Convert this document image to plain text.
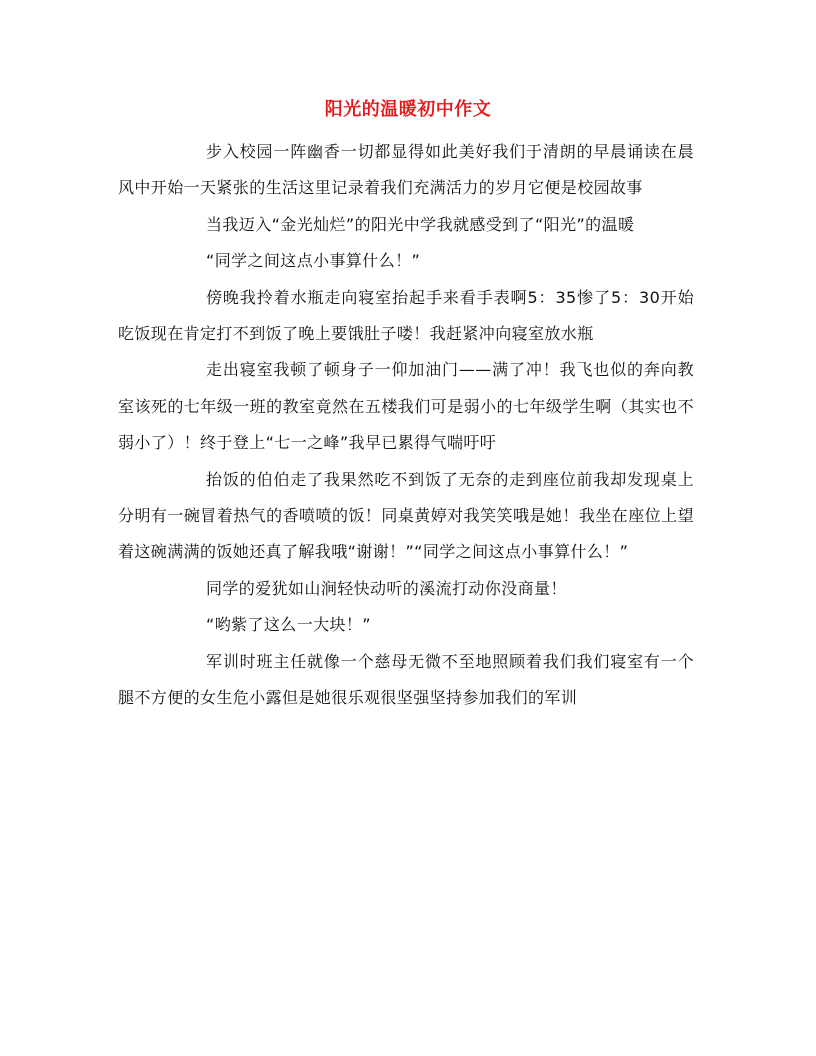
阳光的温暖初中作文

步入校园一阵幽香一切都显得如此美好我们于清朗的早晨诵读在晨风中开始一天紧张的生活这里记录着我们充满活力的岁月它便是校园故事

当我迈入“金光灿烂”的阳光中学我就感受到了“阳光”的温暖

“同学之间这点小事算什么！”

傍晚我拎着水瓶走向寝室抬起手来看手表啊5：35惨了5：30开始吃饭现在肯定打不到饭了晚上要饿肚子喽！我赶紧冲向寝室放水瓶

走出寝室我顿了顿身子一仰加油门——满了冲！我飞也似的奔向教室该死的七年级一班的教室竟然在五楼我们可是弱小的七年级学生啊（其实也不弱小了）！终于登上“七一之峰”我早已累得气喘吁吁

抬饭的伯伯走了我果然吃不到饭了无奈的走到座位前我却发现桌上分明有一碗冒着热气的香喷喷的饭！同桌黄婷对我笑笑哦是她！我坐在座位上望着这碗满满的饭她还真了解我哦“谢谢！”“同学之间这点小事算什么！”

同学的爱犹如山涧轻快动听的溪流打动你没商量！

“哟紫了这么一大块！”

军训时班主任就像一个慈母无微不至地照顾着我们我们寝室有一个腿不方便的女生危小露但是她很乐观很坚强坚持参加我们的军训
